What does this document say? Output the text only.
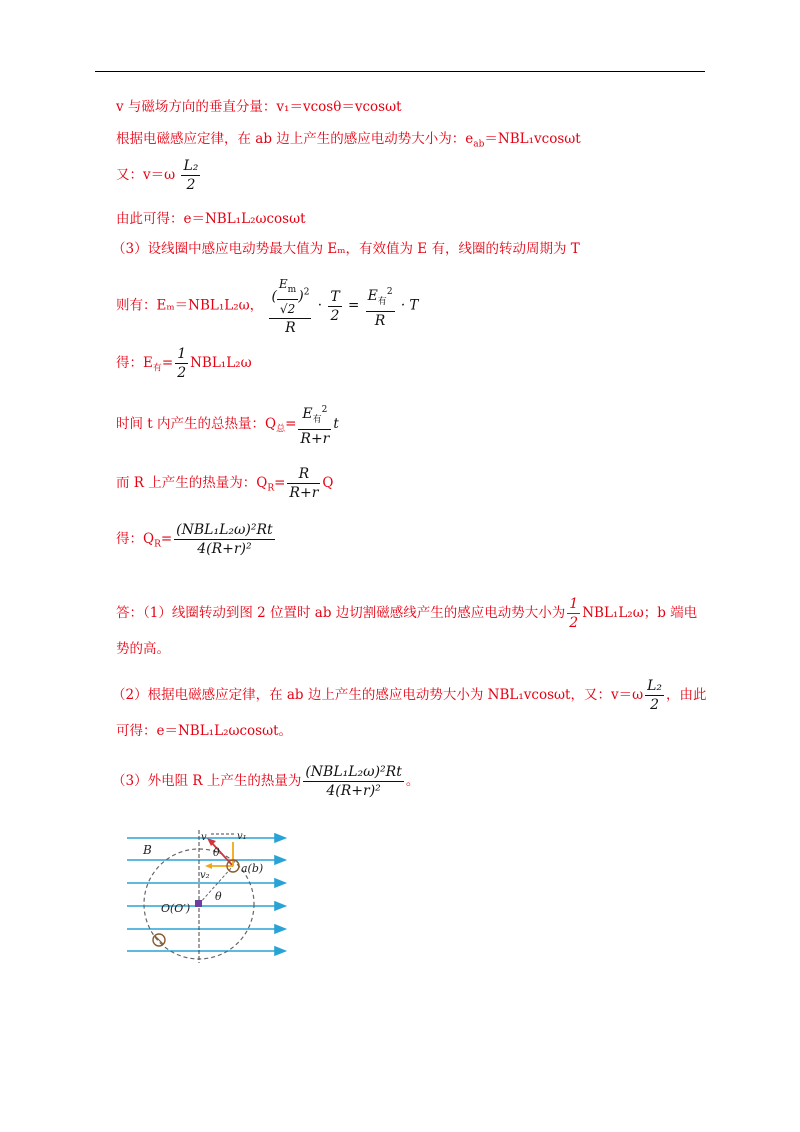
v 与磁场方向的垂直分量：v₁＝vcosθ＝vcosωt
根据电磁感应定律，在 ab 边上产生的感应电动势大小为：$e_{ab}=NBL_1vcos\omega t$
又：$v=\omega \frac{\text{L₂}}{2}$
由此可得：e＝NBL₁L₂ωcosωt
（3）设线圈中感应电动势最大值为 Eₘ，有效值为 E 有，线圈的转动周期为 T
则有：Eₘ＝NBL₁L₂ω， $\frac{( \frac{E_m}{√2} )^2}{R} \cdot \frac{T}{2} = \frac{E_有^2}{R} \cdot T$
得：$E_有= \frac{1}{2} NBL_1L_2\omega$
时间 t 内产生的总热量：$Q_总= \frac{E_有^2}{R+r}$ t
而 R 上产生的热量为：$Q_R= \frac{R}{R+r}$ Q
得：$Q_R= \frac{\text{(NBL₁L₂ω)²Rt}}{\text{4(R+r)²}}$
答：（1）线圈转动到图 2 位置时 ab 边切割磁感线产生的感应电动势大小为 $\frac{1}{2} NBL_1L_2\omega$；b 端电
势的高。
（2）根据电磁感应定律，在 ab 边上产生的感应电动势大小为 NBL₁vcosωt，又：$v=\omega \frac{\text{L₂}}{2}$ ，由此
可得：e＝NBL₁L₂ωcosωt。
（3）外电阻 R 上产生的热量为 $\frac{\text{(NBL₁L₂ω)²Rt}}{\text{4(R+r)²}}$ 。
B
O(O′)
a(b)
θ
θ
v₁
v₂
v
